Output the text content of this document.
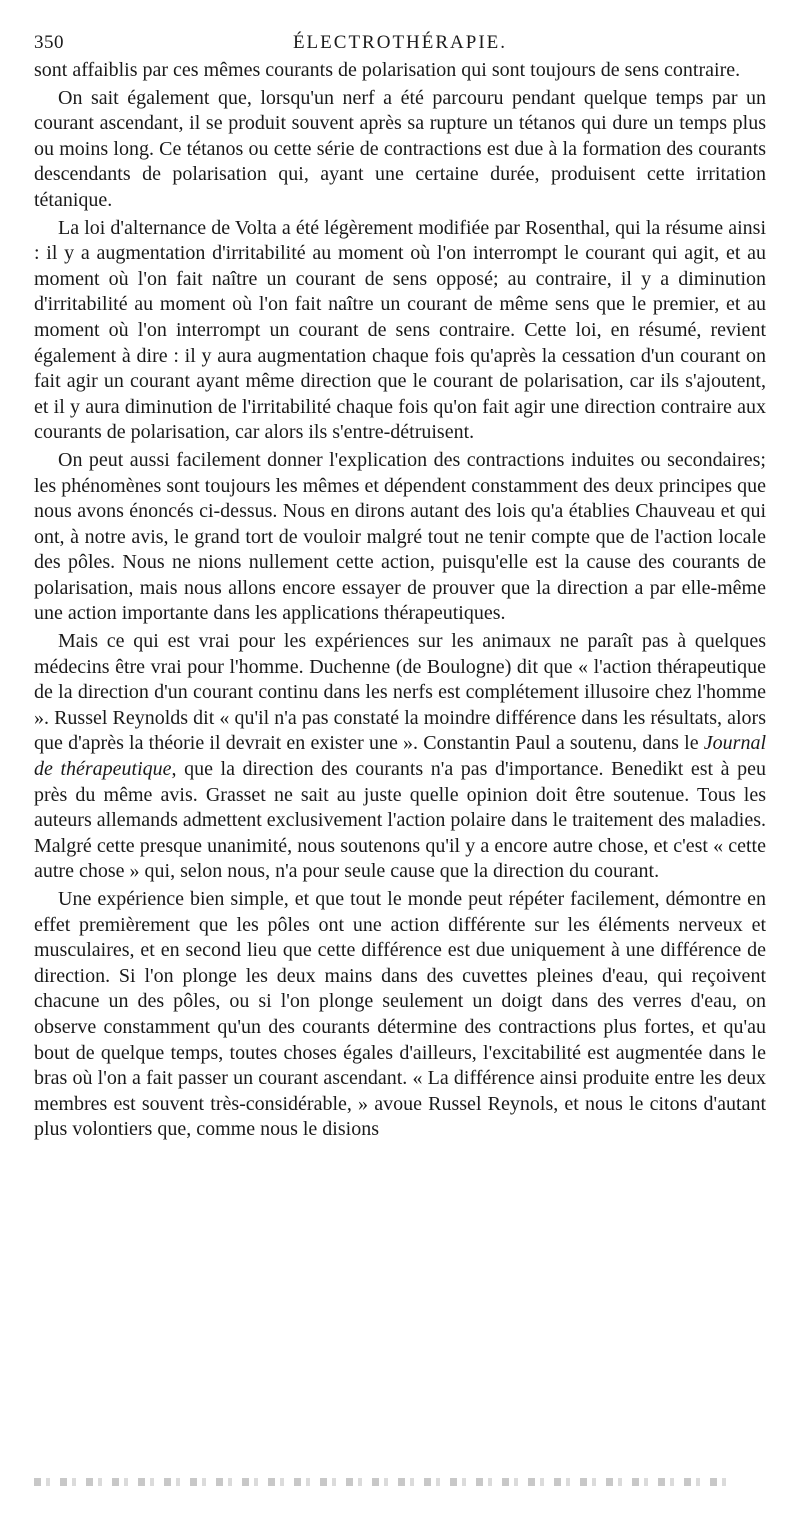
350	ÉLECTROTHÉRAPIE.

sont affaiblis par ces mêmes courants de polarisation qui sont toujours de sens contraire.

On sait également que, lorsqu'un nerf a été parcouru pendant quelque temps par un courant ascendant, il se produit souvent après sa rupture un tétanos qui dure un temps plus ou moins long. Ce tétanos ou cette série de contractions est due à la formation des courants descendants de polarisation qui, ayant une certaine durée, produisent cette irritation tétanique.

La loi d'alternance de Volta a été légèrement modifiée par Rosenthal, qui la résume ainsi : il y a augmentation d'irritabilité au moment où l'on interrompt le courant qui agit, et au moment où l'on fait naître un courant de sens opposé; au contraire, il y a diminution d'irritabilité au moment où l'on fait naître un courant de même sens que le premier, et au moment où l'on interrompt un courant de sens contraire. Cette loi, en résumé, revient également à dire : il y aura augmentation chaque fois qu'après la cessation d'un courant on fait agir un courant ayant même direction que le courant de polarisation, car ils s'ajoutent, et il y aura diminution de l'irritabilité chaque fois qu'on fait agir une direction contraire aux courants de polarisation, car alors ils s'entre-détruisent.

On peut aussi facilement donner l'explication des contractions induites ou secondaires; les phénomènes sont toujours les mêmes et dépendent constamment des deux principes que nous avons énoncés ci-dessus. Nous en dirons autant des lois qu'a établies Chauveau et qui ont, à notre avis, le grand tort de vouloir malgré tout ne tenir compte que de l'action locale des pôles. Nous ne nions nullement cette action, puisqu'elle est la cause des courants de polarisation, mais nous allons encore essayer de prouver que la direction a par elle-même une action importante dans les applications thérapeutiques.

Mais ce qui est vrai pour les expériences sur les animaux ne paraît pas à quelques médecins être vrai pour l'homme. Duchenne (de Boulogne) dit que « l'action thérapeutique de la direction d'un courant continu dans les nerfs est complétement illusoire chez l'homme ». Russel Reynolds dit « qu'il n'a pas constaté la moindre différence dans les résultats, alors que d'après la théorie il devrait en exister une ». Constantin Paul a soutenu, dans le Journal de thérapeutique, que la direction des courants n'a pas d'importance. Benedikt est à peu près du même avis. Grasset ne sait au juste quelle opinion doit être soutenue. Tous les auteurs allemands admettent exclusivement l'action polaire dans le traitement des maladies. Malgré cette presque unanimité, nous soutenons qu'il y a encore autre chose, et c'est « cette autre chose » qui, selon nous, n'a pour seule cause que la direction du courant.

Une expérience bien simple, et que tout le monde peut répéter facilement, démontre en effet premièrement que les pôles ont une action différente sur les éléments nerveux et musculaires, et en second lieu que cette différence est due uniquement à une différence de direction. Si l'on plonge les deux mains dans des cuvettes pleines d'eau, qui reçoivent chacune un des pôles, ou si l'on plonge seulement un doigt dans des verres d'eau, on observe constamment qu'un des courants détermine des contractions plus fortes, et qu'au bout de quelque temps, toutes choses égales d'ailleurs, l'excitabilité est augmentée dans le bras où l'on a fait passer un courant ascendant. « La différence ainsi produite entre les deux membres est souvent très-considérable, » avoue Russel Reynols, et nous le citons d'autant plus volontiers que, comme nous le disions
